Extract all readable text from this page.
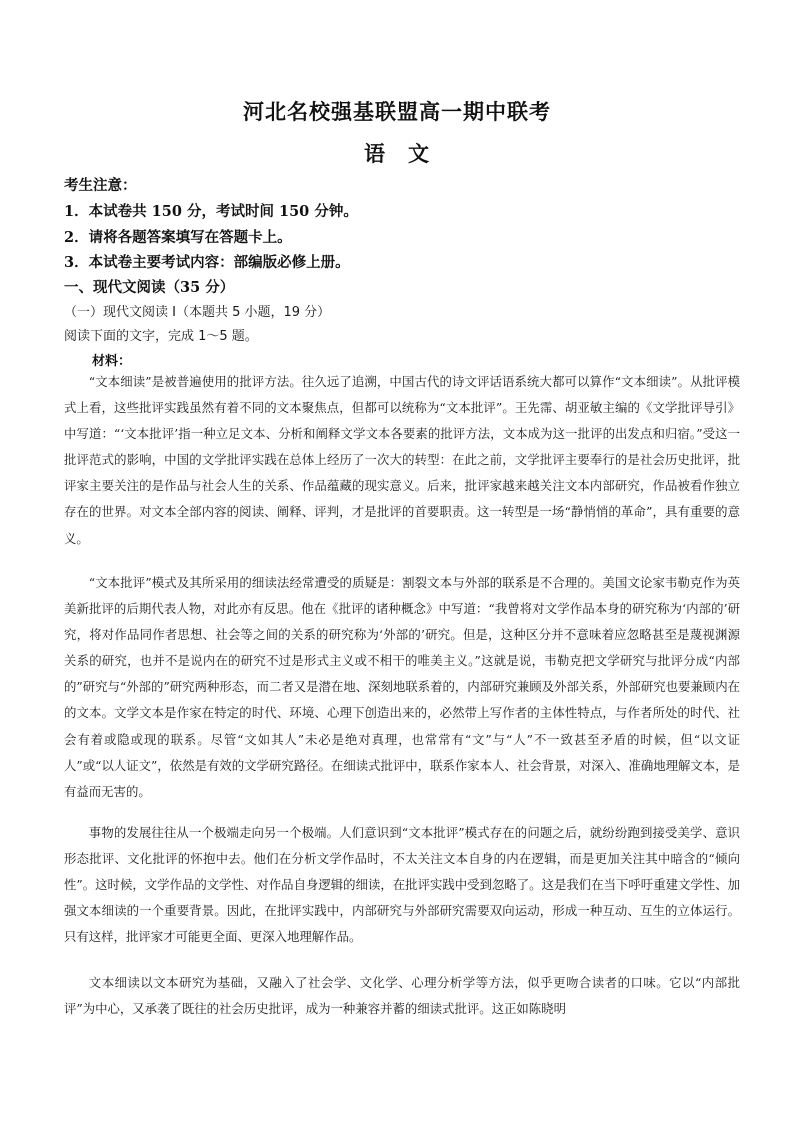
河北名校强基联盟高一期中联考
语　文
考生注意：
1．本试卷共 150 分，考试时间 150 分钟。
2．请将各题答案填写在答题卡上。
3．本试卷主要考试内容：部编版必修上册。
一、现代文阅读（35 分）
（一）现代文阅读 I（本题共 5 小题，19 分）
阅读下面的文字，完成 1～5 题。
材料：

“文本细读”是被普遍使用的批评方法。往久远了追溯，中国古代的诗文评话语系统大都可以算作“文本细读”。从批评模式上看，这些批评实践虽然有着不同的文本聚焦点，但都可以统称为“文本批评”。王先霈、胡亚敏主编的《文学批评导引》中写道：“‘文本批评’指一种立足文本、分析和阐释文学文本各要素的批评方法，文本成为这一批评的出发点和归宿。”受这一批评范式的影响，中国的文学批评实践在总体上经历了一次大的转型：在此之前，文学批评主要奉行的是社会历史批评，批评家主要关注的是作品与社会人生的关系、作品蕴藏的现实意义。后来，批评家越来越关注文本内部研究，作品被看作独立存在的世界。对文本全部内容的阅读、阐释、评判，才是批评的首要职责。这一转型是一场“静悄悄的革命”，具有重要的意义。

“文本批评”模式及其所采用的细读法经常遭受的质疑是：割裂文本与外部的联系是不合理的。美国文论家韦勒克作为英美新批评的后期代表人物，对此亦有反思。他在《批评的诸种概念》中写道：“我曾将对文学作品本身的研究称为‘内部的’研究，将对作品同作者思想、社会等之间的关系的研究称为‘外部的’研究。但是，这种区分并不意味着应忽略甚至是蔑视渊源关系的研究，也并不是说内在的研究不过是形式主义或不相干的唯美主义。”这就是说，韦勒克把文学研究与批评分成“内部的”研究与“外部的”研究两种形态，而二者又是潜在地、深刻地联系着的，内部研究兼顾及外部关系，外部研究也要兼顾内在的文本。文学文本是作家在特定的时代、环境、心理下创造出来的，必然带上写作者的主体性特点，与作者所处的时代、社会有着或隐或现的联系。尽管“文如其人”未必是绝对真理，也常常有“文”与“人”不一致甚至矛盾的时候，但“以文证人”或“以人证文”，依然是有效的文学研究路径。在细读式批评中，联系作家本人、社会背景，对深入、准确地理解文本，是有益而无害的。

事物的发展往往从一个极端走向另一个极端。人们意识到“文本批评”模式存在的问题之后，就纷纷跑到接受美学、意识形态批评、文化批评的怀抱中去。他们在分析文学作品时，不太关注文本自身的内在逻辑，而是更加关注其中暗含的“倾向性”。这时候，文学作品的文学性、对作品自身逻辑的细读，在批评实践中受到忽略了。这是我们在当下呼吁重建文学性、加强文本细读的一个重要背景。因此，在批评实践中，内部研究与外部研究需要双向运动，形成一种互动、互生的立体运行。只有这样，批评家才可能更全面、更深入地理解作品。

文本细读以文本研究为基础，又融入了社会学、文化学、心理分析学等方法，似乎更吻合读者的口味。它以“内部批评”为中心，又承袭了既往的社会历史批评，成为一种兼容并蓄的细读式批评。这正如陈晓明
